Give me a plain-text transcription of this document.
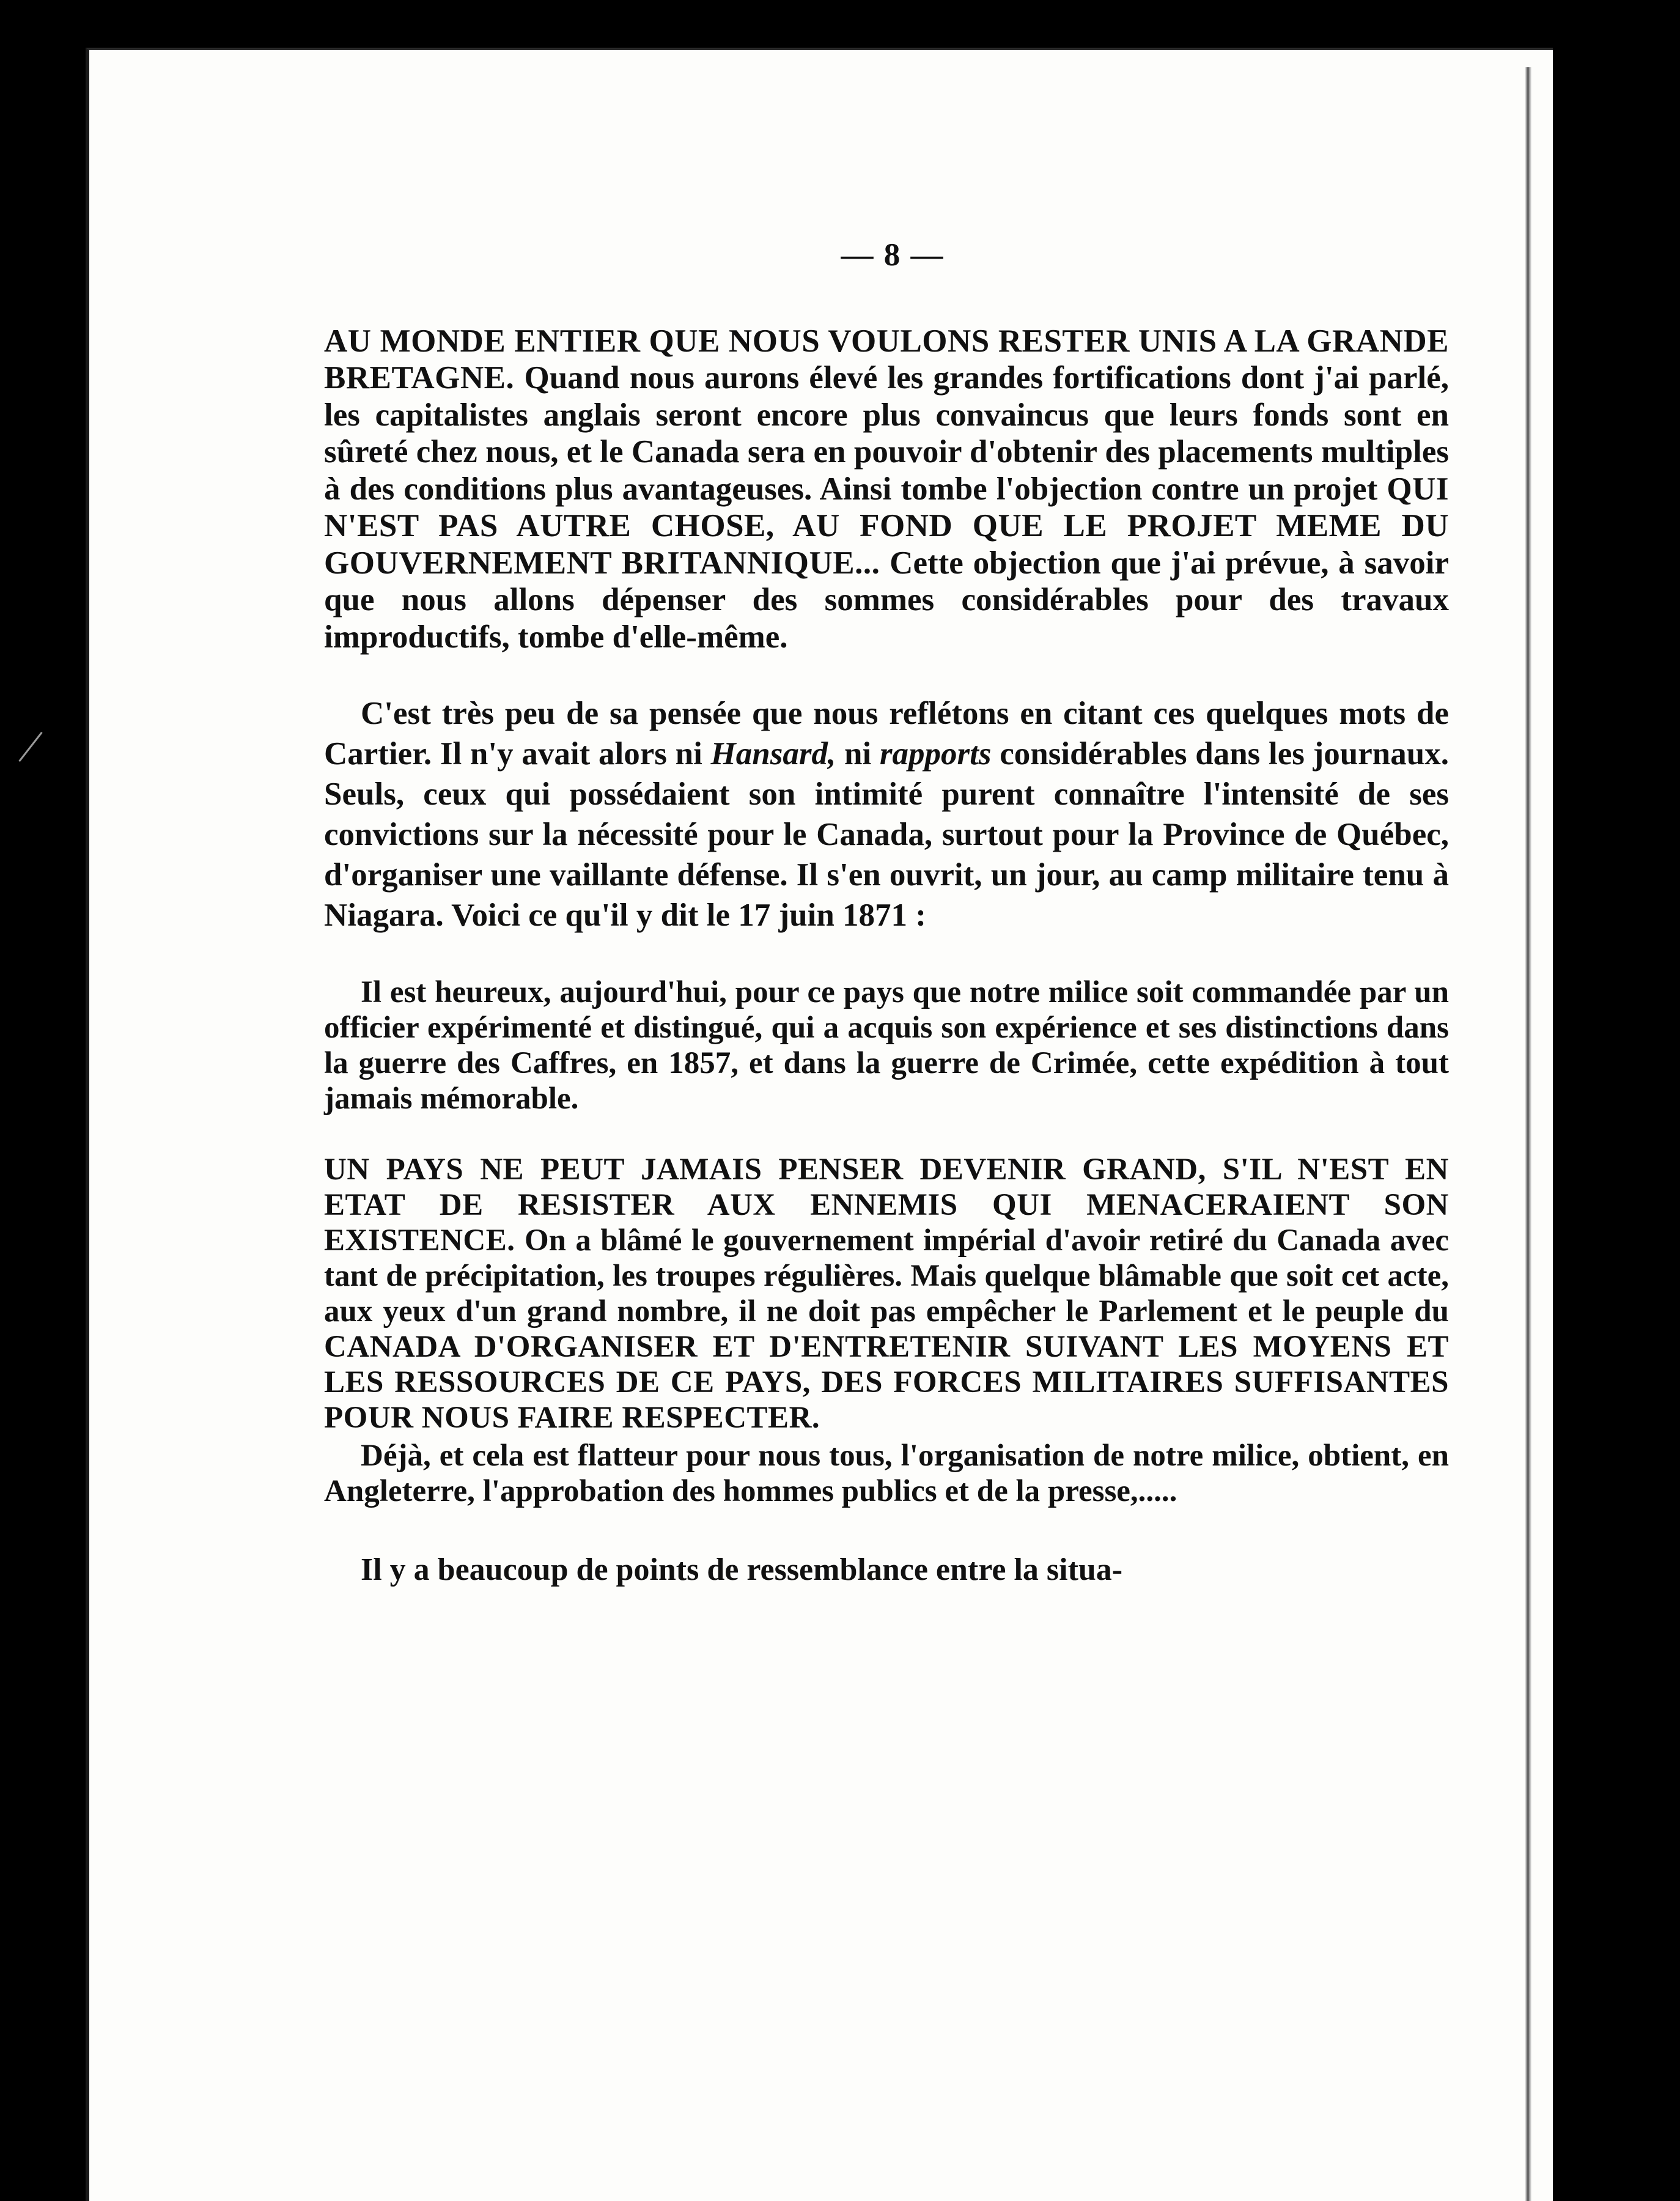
— 8 —

AU MONDE ENTIER QUE NOUS VOULONS RESTER UNIS A LA GRANDE BRETAGNE. Quand nous aurons élevé les grandes fortifications dont j'ai parlé, les capitalistes anglais seront encore plus convaincus que leurs fonds sont en sûreté chez nous, et le Canada sera en pouvoir d'obtenir des placements multiples à des conditions plus avantageuses. Ainsi tombe l'objection contre un projet QUI N'EST PAS AUTRE CHOSE, AU FOND QUE LE PROJET MEME DU GOUVERNEMENT BRITANNIQUE... Cette objection que j'ai prévue, à savoir que nous allons dépenser des sommes considérables pour des travaux improductifs, tombe d'elle-même.

C'est très peu de sa pensée que nous reflétons en citant ces quelques mots de Cartier. Il n'y avait alors ni Hansard, ni rapports considérables dans les journaux. Seuls, ceux qui possédaient son intimité purent connaître l'intensité de ses convictions sur la nécessité pour le Canada, surtout pour la Province de Québec, d'organiser une vaillante défense. Il s'en ouvrit, un jour, au camp militaire tenu à Niagara. Voici ce qu'il y dit le 17 juin 1871 :

Il est heureux, aujourd'hui, pour ce pays que notre milice soit commandée par un officier expérimenté et distingué, qui a acquis son expérience et ses distinctions dans la guerre des Caffres, en 1857, et dans la guerre de Crimée, cette expédition à tout jamais mémorable.

UN PAYS NE PEUT JAMAIS PENSER DEVENIR GRAND, S'IL N'EST EN ETAT DE RESISTER AUX ENNEMIS QUI MENACERAIENT SON EXISTENCE. On a blâmé le gouvernement impérial d'avoir retiré du Canada avec tant de précipitation, les troupes régulières. Mais quelque blâmable que soit cet acte, aux yeux d'un grand nombre, il ne doit pas empêcher le Parlement et le peuple du CANADA D'ORGANISER ET D'ENTRETENIR SUIVANT LES MOYENS ET LES RESSOURCES DE CE PAYS, DES FORCES MILITAIRES SUFFISANTES POUR NOUS FAIRE RESPECTER.

Déjà, et cela est flatteur pour nous tous, l'organisation de notre milice, obtient, en Angleterre, l'approbation des hommes publics et de la presse,.....

Il y a beaucoup de points de ressemblance entre la situa-
